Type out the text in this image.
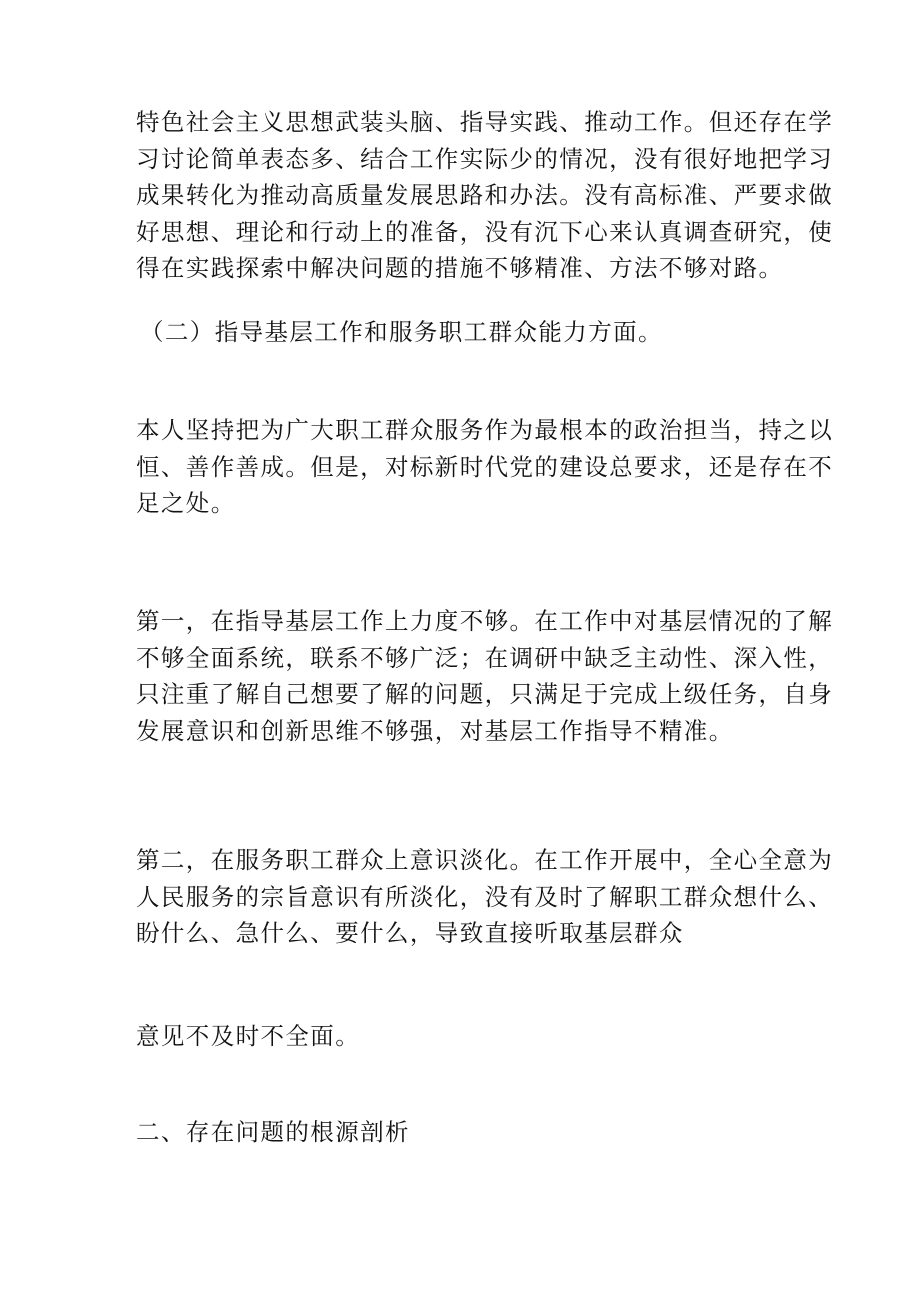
特色社会主义思想武装头脑、指导实践、推动工作。但还存在学
习讨论简单表态多、结合工作实际少的情况，没有很好地把学习
成果转化为推动高质量发展思路和办法。没有高标准、严要求做
好思想、理论和行动上的准备，没有沉下心来认真调查研究，使
得在实践探索中解决问题的措施不够精准、方法不够对路。

（二）指导基层工作和服务职工群众能力方面。

本人坚持把为广大职工群众服务作为最根本的政治担当，持之以
恒、善作善成。但是，对标新时代党的建设总要求，还是存在不
足之处。

第一，在指导基层工作上力度不够。在工作中对基层情况的了解
不够全面系统，联系不够广泛；在调研中缺乏主动性、深入性，
只注重了解自己想要了解的问题，只满足于完成上级任务，自身
发展意识和创新思维不够强，对基层工作指导不精准。

第二，在服务职工群众上意识淡化。在工作开展中，全心全意为
人民服务的宗旨意识有所淡化，没有及时了解职工群众想什么、
盼什么、急什么、要什么，导致直接听取基层群众

意见不及时不全面。

二、存在问题的根源剖析
